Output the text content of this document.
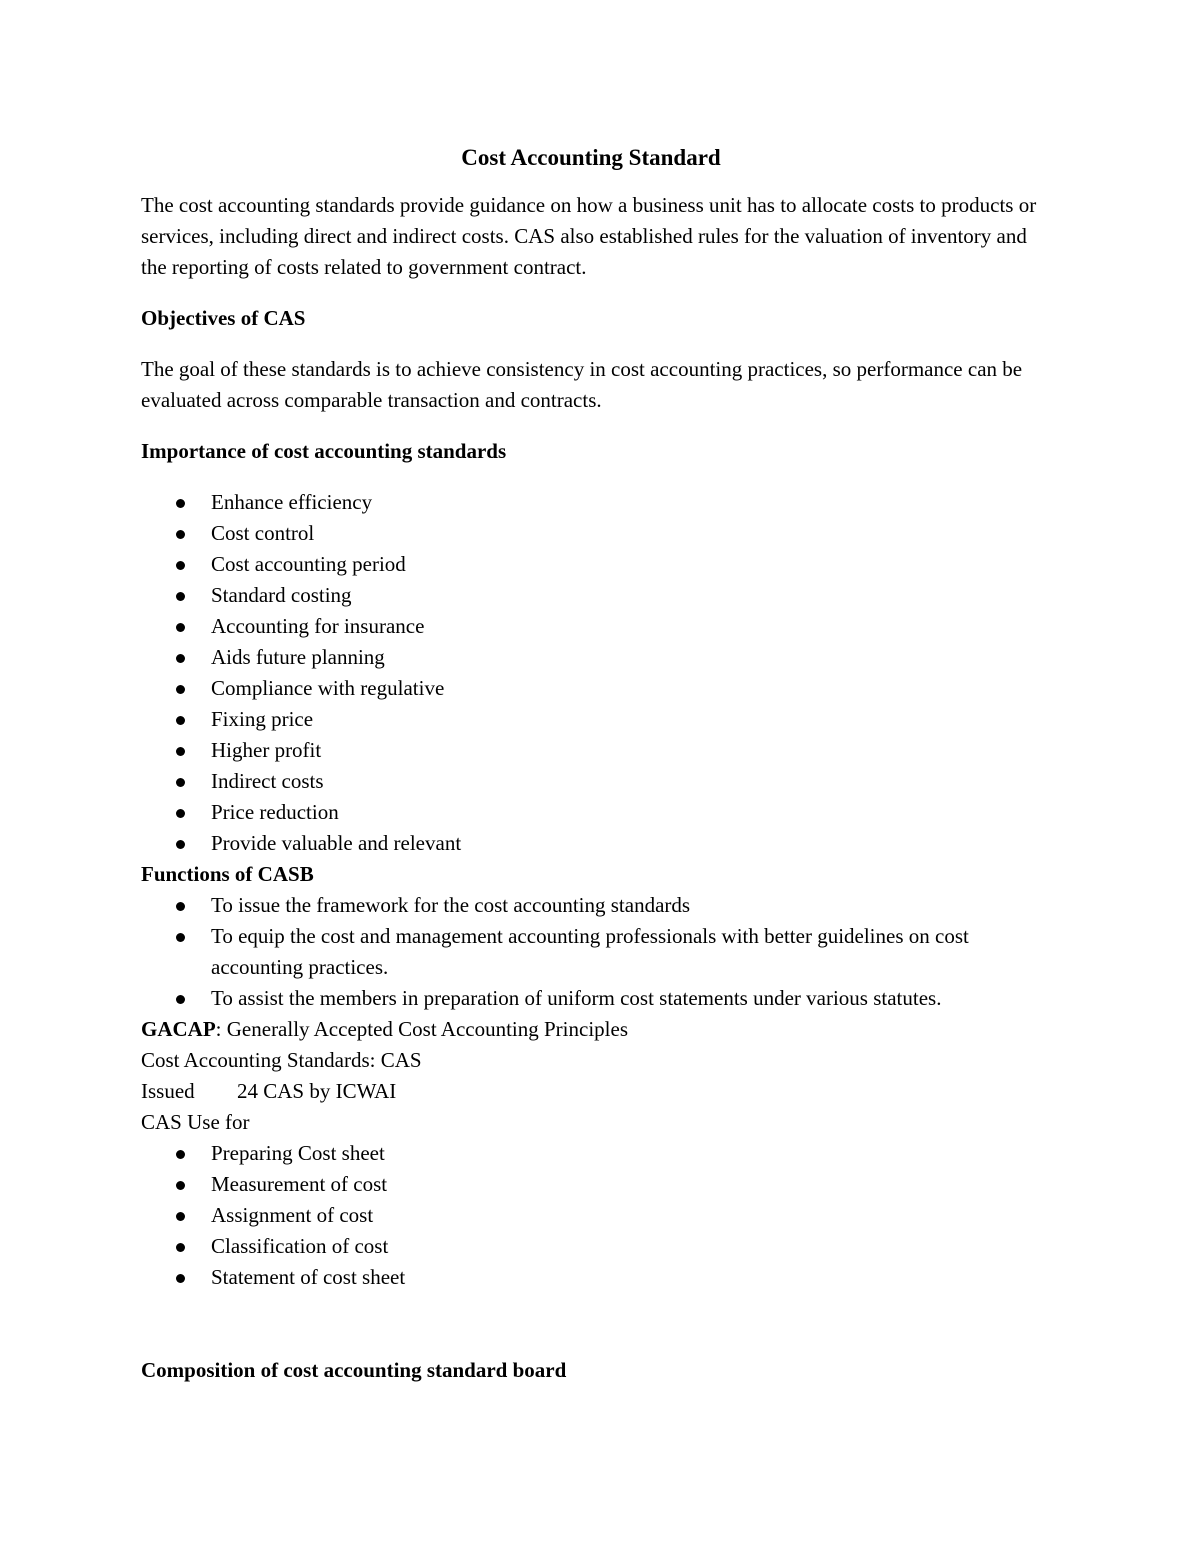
Cost Accounting Standard

The cost accounting standards provide guidance on how a business unit has to allocate costs to products or services, including direct and indirect costs. CAS also established rules for the valuation of inventory and the reporting of costs related to government contract.

Objectives of CAS

The goal of these standards is to achieve consistency in cost accounting practices, so performance can be evaluated across comparable transaction and contracts.

Importance of cost accounting standards
Enhance efficiency
Cost control
Cost accounting period
Standard costing
Accounting for insurance
Aids future planning
Compliance with regulative
Fixing price
Higher profit
Indirect costs
Price reduction
Provide valuable and relevant
Functions of CASB
To issue the framework for the cost accounting standards
To equip the cost and management accounting professionals with better guidelines on cost accounting practices.
To assist the members in preparation of uniform cost statements under various statutes.
GACAP: Generally Accepted Cost Accounting Principles
Cost Accounting Standards: CAS
Issued 24 CAS by ICWAI
CAS Use for
Preparing Cost sheet
Measurement of cost
Assignment of cost
Classification of cost
Statement of cost sheet
Composition of cost accounting standard board
